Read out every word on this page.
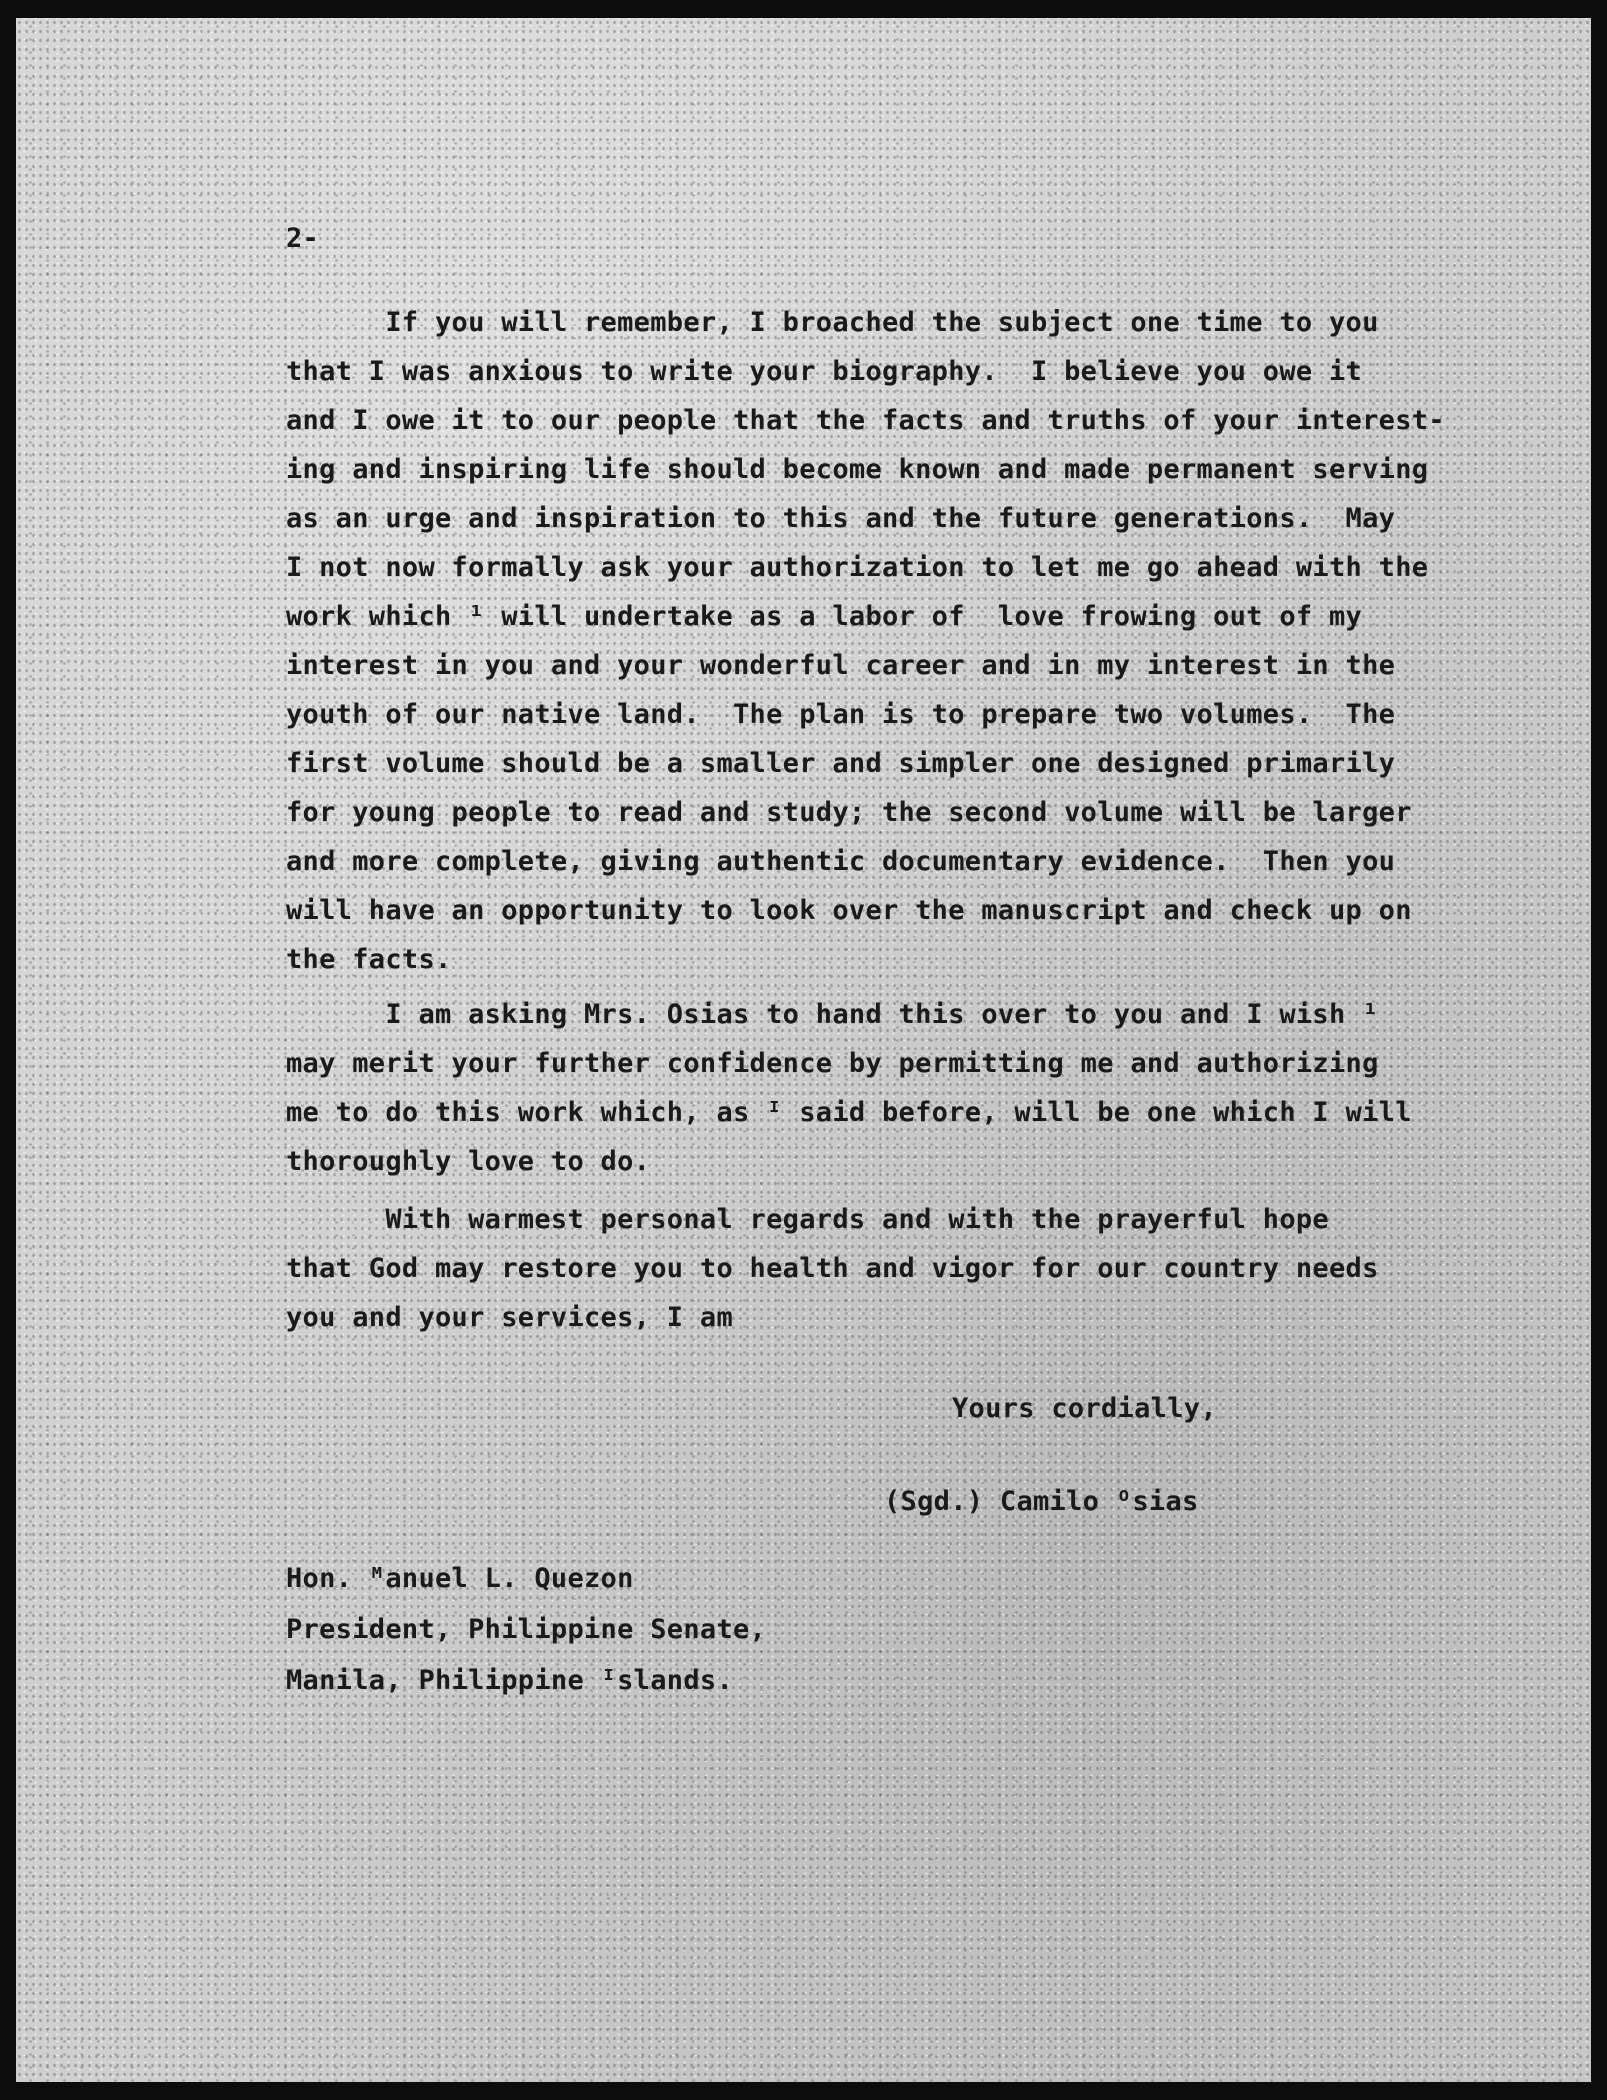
2-

If you will remember, I broached the subject one time to you
that I was anxious to write your biography.  I believe you owe it
and I owe it to our people that the facts and truths of your interest-
ing and inspiring life should become known and made permanent serving
as an urge and inspiration to this and the future generations.  May
I not now formally ask your authorization to let me go ahead with the
work which ¹ will undertake as a labor of  love frowing out of my
interest in you and your wonderful career and in my interest in the
youth of our native land.  The plan is to prepare two volumes.  The
first volume should be a smaller and simpler one designed primarily
for young people to read and study; the second volume will be larger
and more complete, giving authentic documentary evidence.  Then you
will have an opportunity to look over the manuscript and check up on
the facts.
I am asking Mrs. Osias to hand this over to you and I wish ¹
may merit your further confidence by permitting me and authorizing
me to do this work which, as ᴵ said before, will be one which I will
thoroughly love to do.
With warmest personal regards and with the prayerful hope
that God may restore you to health and vigor for our country needs
you and your services, I am

Yours cordially,

(Sgd.) Camilo ᴼsias

Hon. ᴹanuel L. Quezon
President, Philippine Senate,
Manila, Philippine ᴵslands.
